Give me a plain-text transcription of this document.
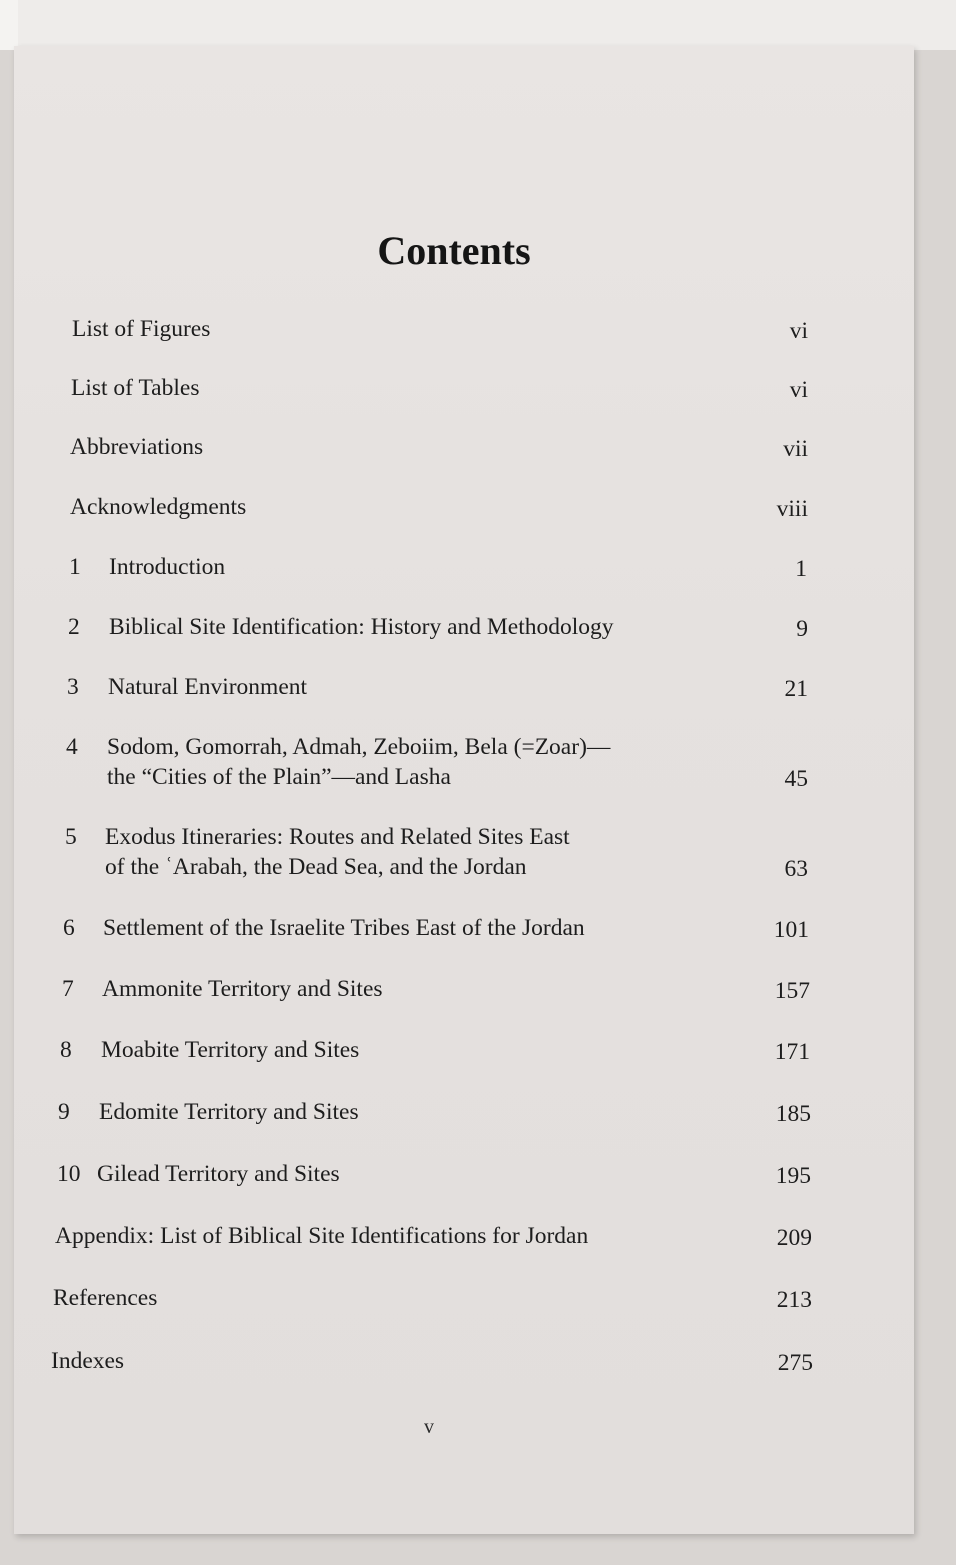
Contents
List of Figures	vi
List of Tables	vi
Abbreviations	vii
Acknowledgments	viii
1 Introduction	1
2 Biblical Site Identification: History and Methodology	9
3 Natural Environment	21
4 Sodom, Gomorrah, Admah, Zeboiim, Bela (=Zoar)—
the “Cities of the Plain”—and Lasha	45
5 Exodus Itineraries: Routes and Related Sites East
of the ʿArabah, the Dead Sea, and the Jordan	63
6 Settlement of the Israelite Tribes East of the Jordan	101
7 Ammonite Territory and Sites	157
8 Moabite Territory and Sites	171
9 Edomite Territory and Sites	185
10 Gilead Territory and Sites	195
Appendix: List of Biblical Site Identifications for Jordan	209
References	213
Indexes	275
v
